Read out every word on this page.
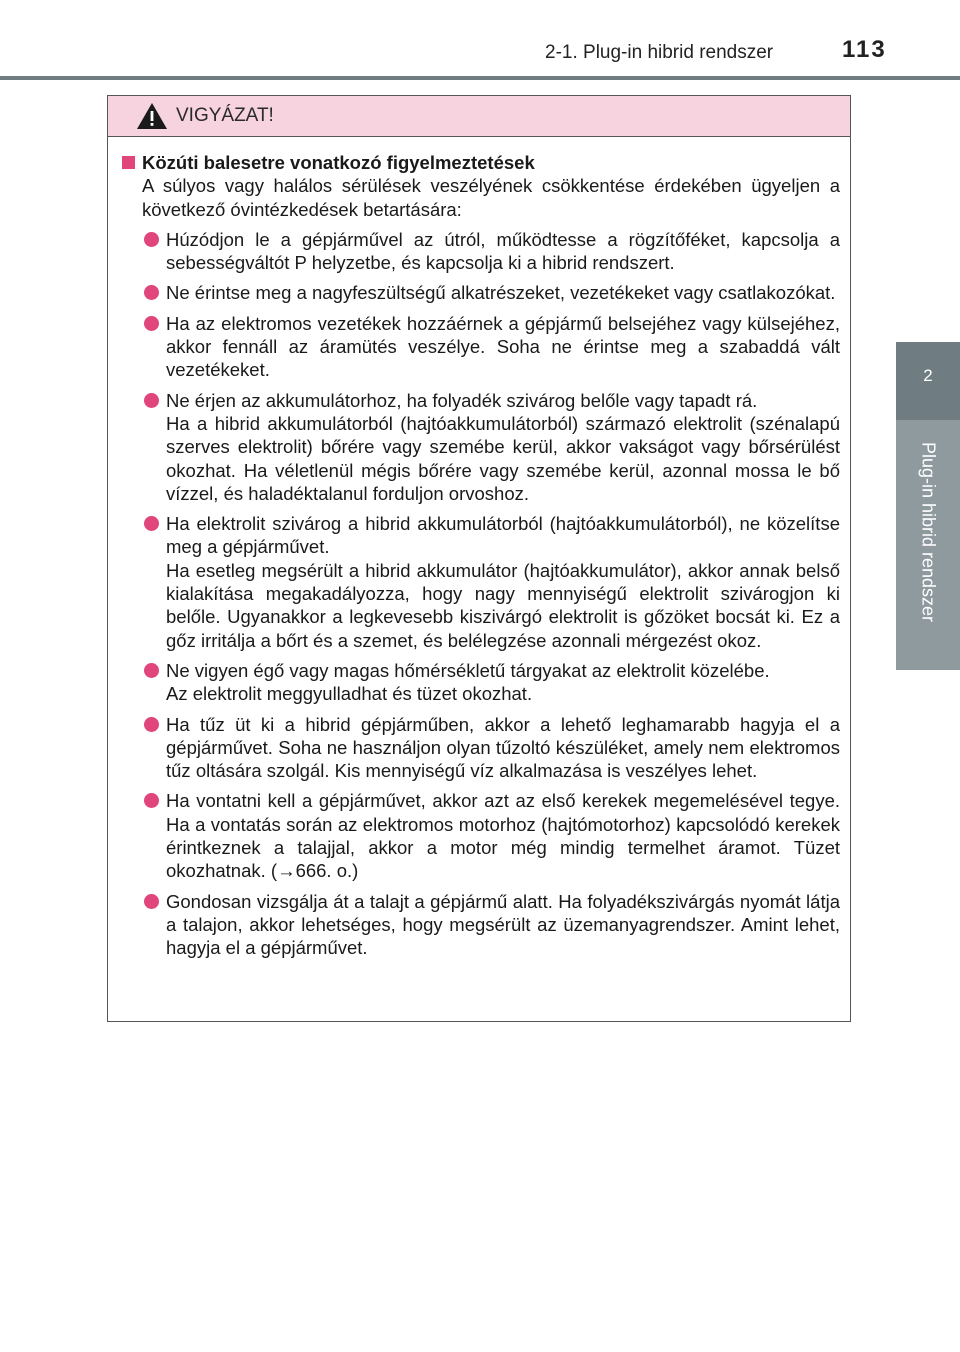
2-1. Plug-in hibrid rendszer	113
2
Plug-in hibrid rendszer
VIGYÁZAT!
Közúti balesetre vonatkozó figyelmeztetések
A súlyos vagy halálos sérülések veszélyének csökkentése érdekében ügyeljen a következő óvintézkedések betartására:
Húzódjon le a gépjárművel az útról, működtesse a rögzítőféket, kapcsolja a sebességváltót P helyzetbe, és kapcsolja ki a hibrid rendszert.
Ne érintse meg a nagyfeszültségű alkatrészeket, vezetékeket vagy csatlakozókat.
Ha az elektromos vezetékek hozzáérnek a gépjármű belsejéhez vagy külsejéhez, akkor fennáll az áramütés veszélye. Soha ne érintse meg a szabaddá vált vezetékeket.
Ne érjen az akkumulátorhoz, ha folyadék szivárog belőle vagy tapadt rá.
Ha a hibrid akkumulátorból (hajtóakkumulátorból) származó elektrolit (szénalapú szerves elektrolit) bőrére vagy szemébe kerül, akkor vakságot vagy bőrsérülést okozhat. Ha véletlenül mégis bőrére vagy szemébe kerül, azonnal mossa le bő vízzel, és haladéktalanul forduljon orvoshoz.
Ha elektrolit szivárog a hibrid akkumulátorból (hajtóakkumulátorból), ne közelítse meg a gépjárművet.
Ha esetleg megsérült a hibrid akkumulátor (hajtóakkumulátor), akkor annak belső kialakítása megakadályozza, hogy nagy mennyiségű elektrolit szivárogjon ki belőle. Ugyanakkor a legkevesebb kiszivárgó elektrolit is gőzöket bocsát ki. Ez a gőz irritálja a bőrt és a szemet, és belélegzése azonnali mérgezést okoz.
Ne vigyen égő vagy magas hőmérsékletű tárgyakat az elektrolit közelébe.
Az elektrolit meggyulladhat és tüzet okozhat.
Ha tűz üt ki a hibrid gépjárműben, akkor a lehető leghamarabb hagyja el a gépjárművet. Soha ne használjon olyan tűzoltó készüléket, amely nem elektromos tűz oltására szolgál. Kis mennyiségű víz alkalmazása is veszélyes lehet.
Ha vontatni kell a gépjárművet, akkor azt az első kerekek megemelésével tegye. Ha a vontatás során az elektromos motorhoz (hajtómotorhoz) kapcsolódó kerekek érintkeznek a talajjal, akkor a motor még mindig termelhet áramot. Tüzet okozhatnak. (→666. o.)
Gondosan vizsgálja át a talajt a gépjármű alatt. Ha folyadékszivárgás nyomát látja a talajon, akkor lehetséges, hogy megsérült az üzemanyagrendszer. Amint lehet, hagyja el a gépjárművet.
